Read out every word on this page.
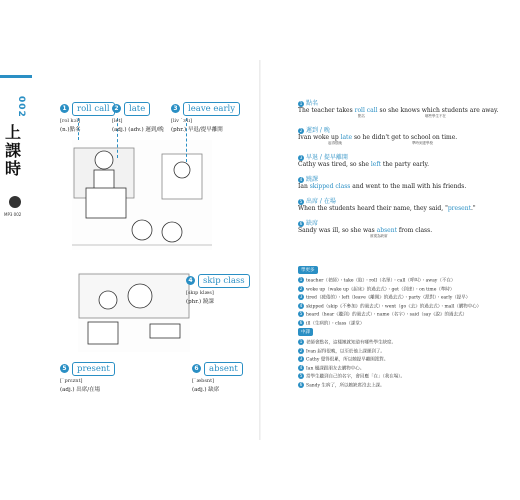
002
上課時
MP3 002
1 roll call
[rol kɔl]
(n.)點名
2 late
[let]
(adj.) (adv.) 遲到/晚
3 leave early
[liv ˋɝlɪ]
(phr.) 早退/提早離開
4 skip class
[skɪp klæs]
(phr.) 蹺課
5 present
[ˋprɛznt]
(adj.) 出席/在場
6 absent
[ˋæbsnt]
(adj.) 缺席
1 點名
The teacher takes roll call so she knows which students are away.
點名	哪些學生不在
2 遲到 / 晚
Ivan woke up late so he didn't get to school on time.
起得很晚	準時到達學校
3 早退 / 提早離開
Cathy was tired, so she left the party early.
4 蹺課
Ian skipped class and went to the mall with his friends.
5 出席 / 在場
When the students heard their name, they said, "present."
6 缺席
Sandy was ill, so she was absent from class.
被視為缺席
學更多
1 teacher（老師）・take（取）・roll（名單）・call（呼叫）・away（不在）
2 woke up（wake up《起床》的過去式）・get（到達）・on time（準時）
3 tired（疲倦的）・left（leave《離開》的過去式）・party（派對）・early（提早）
4 skipped（skip《不參加》的過去式）・went（go《去》的過去式）・mall（購物中心）
5 heard（hear《聽到》的過去式）・name（名字）・said（say《說》的過去式）
6 ill（生病的）・class（課堂）
中譯
1 老師會點名，這樣她就知道有哪些學生缺席。
2 Ivan 起得很晚，以至於他上課遲到了。
3 Cathy 覺得很累，所以她提早離開派對。
4 Ian 翹課跟朋友去購物中心。
5 當學生聽到自己的名字，會回應「在」（我在場）。
6 Sandy 生病了，所以她缺席沒去上課。
